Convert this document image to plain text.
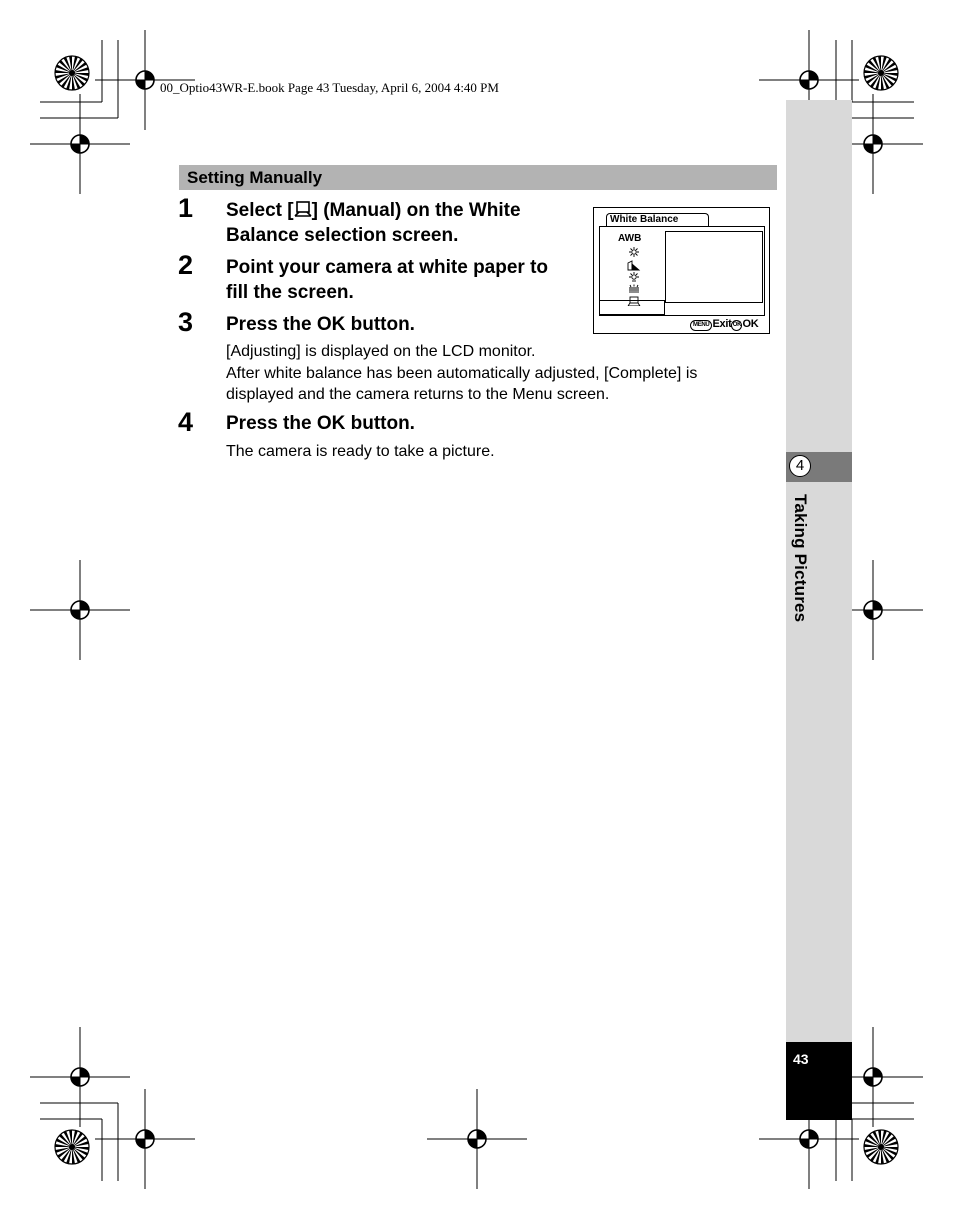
00_Optio43WR-E.book Page 43 Tuesday, April 6, 2004 4:40 PM
4
Taking Pictures
43
Setting Manually
1 Select [ ] (Manual) on the White
Balance selection screen.
2 Point your camera at white paper to
fill the screen.
3 Press the OK button.
[Adjusting] is displayed on the LCD monitor.
After white balance has been automatically adjusted, [Complete] is
displayed and the camera returns to the Menu screen.
4 Press the OK button.
The camera is ready to take a picture.
White Balance
AWB
MENU ExitOKOK
